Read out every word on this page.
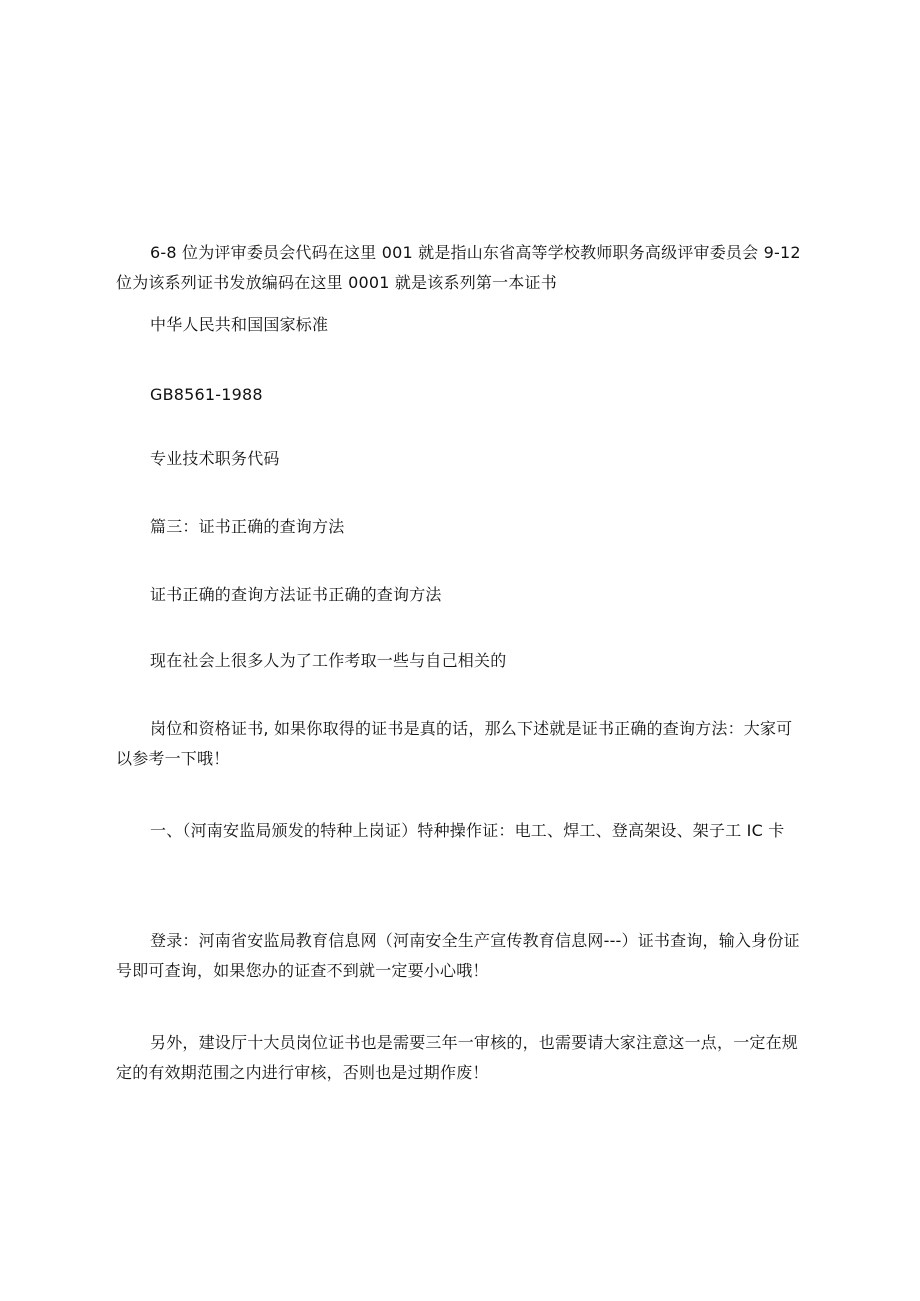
6-8 位为评审委员会代码在这里 001 就是指山东省高等学校教师职务高级评审委员会 9-12 位为该系列证书发放编码在这里 0001 就是该系列第一本证书

中华人民共和国国家标准

GB8561-1988

专业技术职务代码

篇三：证书正确的查询方法

证书正确的查询方法证书正确的查询方法

现在社会上很多人为了工作考取一些与自己相关的

岗位和资格证书, 如果你取得的证书是真的话，那么下述就是证书正确的查询方法：大家可以参考一下哦！

一、（河南安监局颁发的特种上岗证）特种操作证：电工、焊工、登高架设、架子工 IC 卡

登录：河南省安监局教育信息网（河南安全生产宣传教育信息网---）证书查询，输入身份证号即可查询，如果您办的证查不到就一定要小心哦！

另外，建设厅十大员岗位证书也是需要三年一审核的，也需要请大家注意这一点，一定在规定的有效期范围之内进行审核，否则也是过期作废！
